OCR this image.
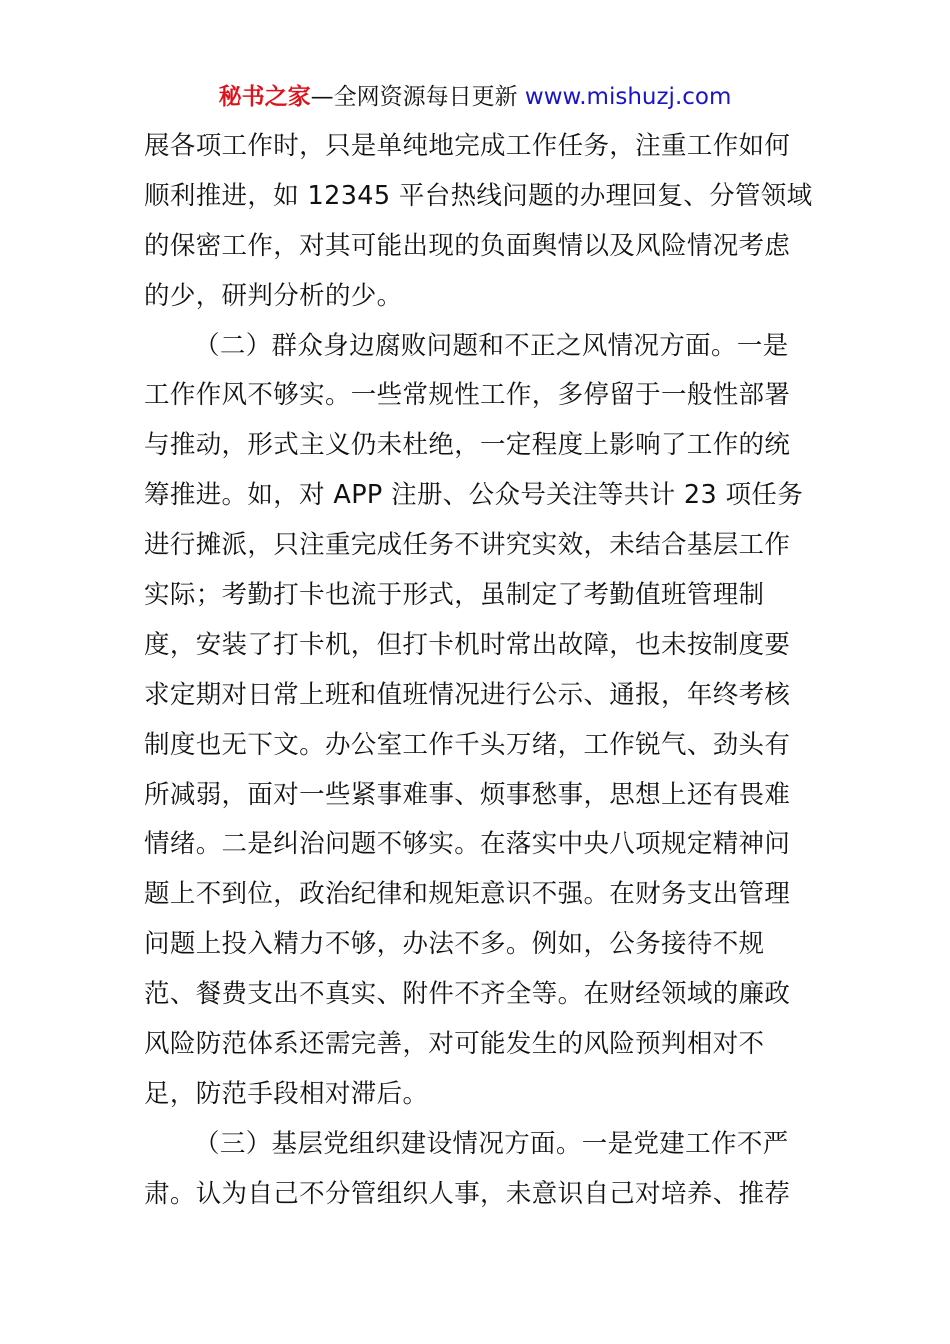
秘书之家—全网资源每日更新 www.mishuzj.com
展各项工作时，只是单纯地完成工作任务，注重工作如何
顺利推进，如 12345 平台热线问题的办理回复、分管领域
的保密工作，对其可能出现的负面舆情以及风险情况考虑
的少，研判分析的少。
（二）群众身边腐败问题和不正之风情况方面。一是
工作作风不够实。一些常规性工作，多停留于一般性部署
与推动，形式主义仍未杜绝，一定程度上影响了工作的统
筹推进。如，对 APP 注册、公众号关注等共计 23 项任务
进行摊派，只注重完成任务不讲究实效，未结合基层工作
实际；考勤打卡也流于形式，虽制定了考勤值班管理制
度，安装了打卡机，但打卡机时常出故障，也未按制度要
求定期对日常上班和值班情况进行公示、通报，年终考核
制度也无下文。办公室工作千头万绪，工作锐气、劲头有
所减弱，面对一些紧事难事、烦事愁事，思想上还有畏难
情绪。二是纠治问题不够实。在落实中央八项规定精神问
题上不到位，政治纪律和规矩意识不强。在财务支出管理
问题上投入精力不够，办法不多。例如，公务接待不规
范、餐费支出不真实、附件不齐全等。在财经领域的廉政
风险防范体系还需完善，对可能发生的风险预判相对不
足，防范手段相对滞后。
（三）基层党组织建设情况方面。一是党建工作不严
肃。认为自己不分管组织人事，未意识自己对培养、推荐
